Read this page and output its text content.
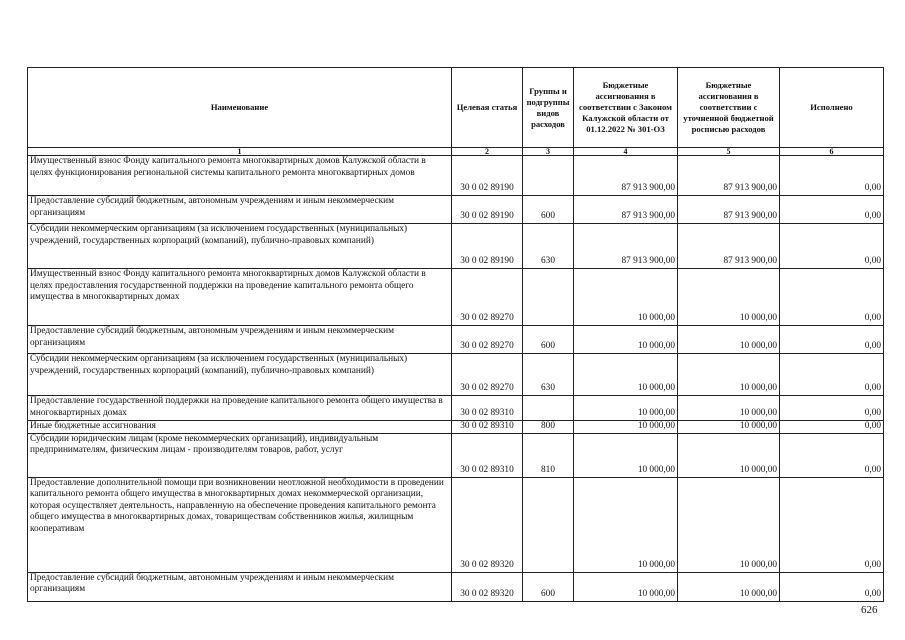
Наименование	Целевая статья	Группы и подгруппы видов расходов	Бюджетные ассигнования в соответствии с Законом Калужской области от 01.12.2022 № 301-ОЗ	Бюджетные ассигнования в соответствии с уточненной бюджетной росписью расходов	Исполнено
1	2	3	4	5	6
Имущественный взнос Фонду капитального ремонта многоквартирных домов Калужской области в целях функционирования региональной системы капитального ремонта многоквартирных домов	30 0 02 89190		87 913 900,00	87 913 900,00	0,00
Предоставление субсидий бюджетным, автономным учреждениям и иным некоммерческим организациям	30 0 02 89190	600	87 913 900,00	87 913 900,00	0,00
Субсидии некоммерческим организациям (за исключением государственных (муниципальных) учреждений, государственных корпораций (компаний), публично-правовых компаний)	30 0 02 89190	630	87 913 900,00	87 913 900,00	0,00
Имущественный взнос Фонду капитального ремонта многоквартирных домов Калужской области в целях предоставления государственной поддержки на проведение капитального ремонта общего имущества в многоквартирных домах	30 0 02 89270		10 000,00	10 000,00	0,00
Предоставление субсидий бюджетным, автономным учреждениям и иным некоммерческим организациям	30 0 02 89270	600	10 000,00	10 000,00	0,00
Субсидии некоммерческим организациям (за исключением государственных (муниципальных) учреждений, государственных корпораций (компаний), публично-правовых компаний)	30 0 02 89270	630	10 000,00	10 000,00	0,00
Предоставление государственной поддержки на проведение капитального ремонта общего имущества в многоквартирных домах	30 0 02 89310		10 000,00	10 000,00	0,00
Иные бюджетные ассигнования	30 0 02 89310	800	10 000,00	10 000,00	0,00
Субсидии юридическим лицам (кроме некоммерческих организаций), индивидуальным предпринимателям, физическим лицам - производителям товаров, работ, услуг	30 0 02 89310	810	10 000,00	10 000,00	0,00
Предоставление дополнительной помощи при возникновении неотложной необходимости в проведении капитального ремонта общего имущества в многоквартирных домах некоммерческой организации, которая осуществляет деятельность, направленную на обеспечение проведения капитального ремонта общего имущества в многоквартирных домах, товариществам собственников жилья, жилищным кооперативам	30 0 02 89320		10 000,00	10 000,00	0,00
Предоставление субсидий бюджетным, автономным учреждениям и иным некоммерческим организациям	30 0 02 89320	600	10 000,00	10 000,00	0,00
626
